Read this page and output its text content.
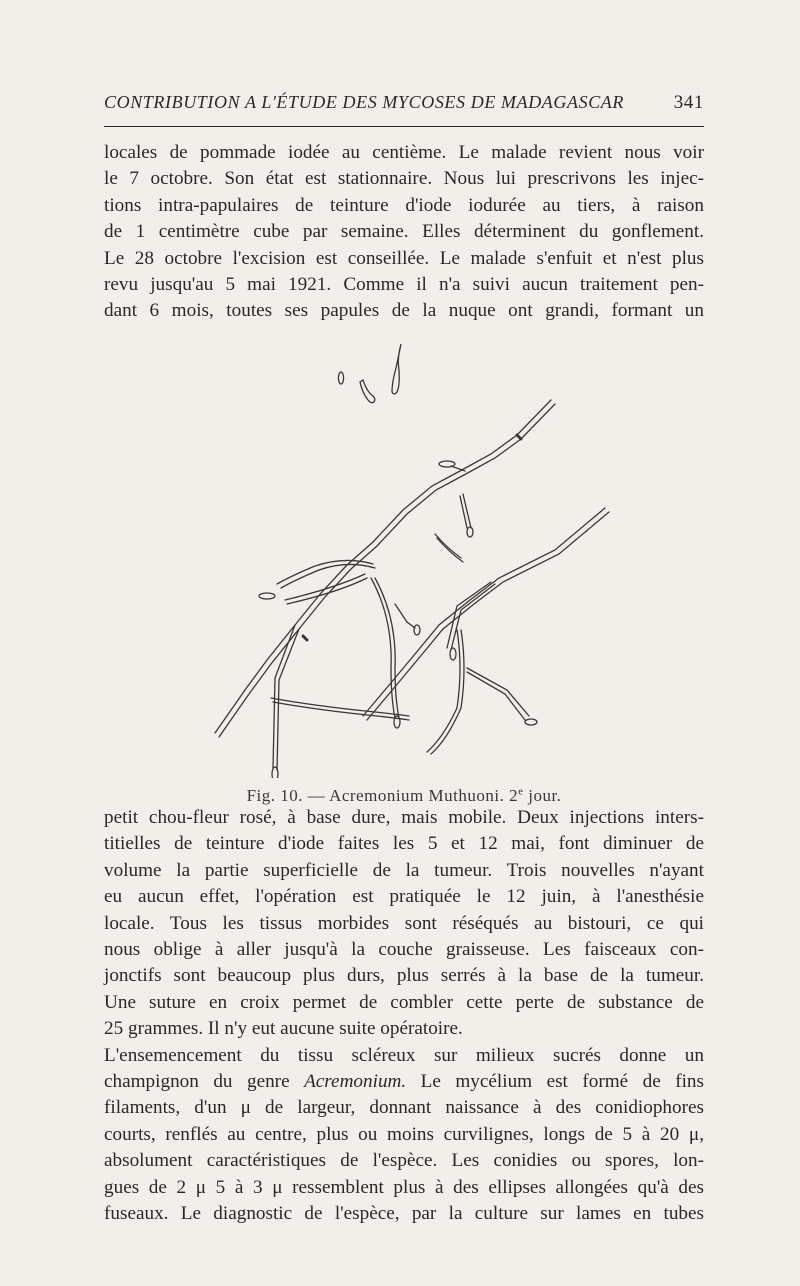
CONTRIBUTION A L'ÉTUDE DES MYCOSES DE MADAGASCAR	341
locales de pommade iodée au centième. Le malade revient nous voir
le 7 octobre. Son état est stationnaire. Nous lui prescrivons les injec-
tions intra-papulaires de teinture d'iode iodurée au tiers, à raison
de 1 centimètre cube par semaine. Elles déterminent du gonflement.
Le 28 octobre l'excision est conseillée. Le malade s'enfuit et n'est plus
revu jusqu'au 5 mai 1921. Comme il n'a suivi aucun traitement pen-
dant 6 mois, toutes ses papules de la nuque ont grandi, formant un
Fig. 10. — Acremonium Muthuoni. 2e jour.
petit chou-fleur rosé, à base dure, mais mobile. Deux injections inters-
titielles de teinture d'iode faites les 5 et 12 mai, font diminuer de
volume la partie superficielle de la tumeur. Trois nouvelles n'ayant
eu aucun effet, l'opération est pratiquée le 12 juin, à l'anesthésie
locale. Tous les tissus morbides sont réséqués au bistouri, ce qui
nous oblige à aller jusqu'à la couche graisseuse. Les faisceaux con-
jonctifs sont beaucoup plus durs, plus serrés à la base de la tumeur.
Une suture en croix permet de combler cette perte de substance de
25 grammes. Il n'y eut aucune suite opératoire.
L'ensemencement du tissu scléreux sur milieux sucrés donne un
champignon du genre Acremonium. Le mycélium est formé de fins
filaments, d'un μ de largeur, donnant naissance à des conidiophores
courts, renflés au centre, plus ou moins curvilignes, longs de 5 à 20 μ,
absolument caractéristiques de l'espèce. Les conidies ou spores, lon-
gues de 2 μ 5 à 3 μ ressemblent plus à des ellipses allongées qu'à des
fuseaux. Le diagnostic de l'espèce, par la culture sur lames en tubes
